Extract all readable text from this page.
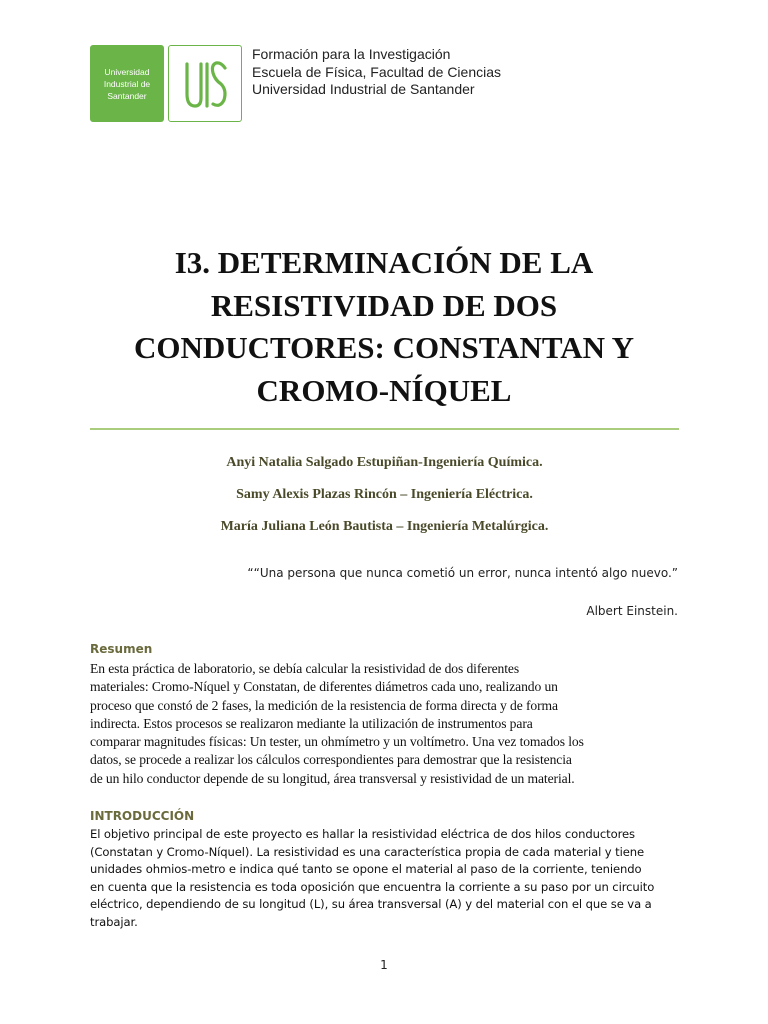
Universidad Industrial de Santander
Formación para la Investigación
Escuela de Física, Facultad de Ciencias
Universidad Industrial de Santander
I3. DETERMINACIÓN DE LA
RESISTIVIDAD DE DOS
CONDUCTORES: CONSTANTAN Y
CROMO-NÍQUEL
Anyi Natalia Salgado Estupiñan-Ingeniería Química.
Samy Alexis Plazas Rincón – Ingeniería Eléctrica.
María Juliana León Bautista – Ingeniería Metalúrgica.
““Una persona que nunca cometió un error, nunca intentó algo nuevo.”
Albert Einstein.
Resumen
En esta práctica de laboratorio, se debía calcular la resistividad de dos diferentes
materiales: Cromo-Níquel y Constatan, de diferentes diámetros cada uno, realizando un
proceso que constó de 2 fases, la medición de la resistencia de forma directa y de forma
indirecta. Estos procesos se realizaron mediante la utilización de instrumentos para
comparar magnitudes físicas: Un tester, un ohmímetro y un voltímetro. Una vez tomados los
datos, se procede a realizar los cálculos correspondientes para demostrar que la resistencia
de un hilo conductor depende de su longitud, área transversal y resistividad de un material.
INTRODUCCIÓN
El objetivo principal de este proyecto es hallar la resistividad eléctrica de dos hilos conductores
(Constatan y Cromo-Níquel). La resistividad es una característica propia de cada material y tiene
unidades ohmios-metro e indica qué tanto se opone el material al paso de la corriente, teniendo
en cuenta que la resistencia es toda oposición que encuentra la corriente a su paso por un circuito
eléctrico, dependiendo de su longitud (L), su área transversal (A) y del material con el que se va a
trabajar.
1
